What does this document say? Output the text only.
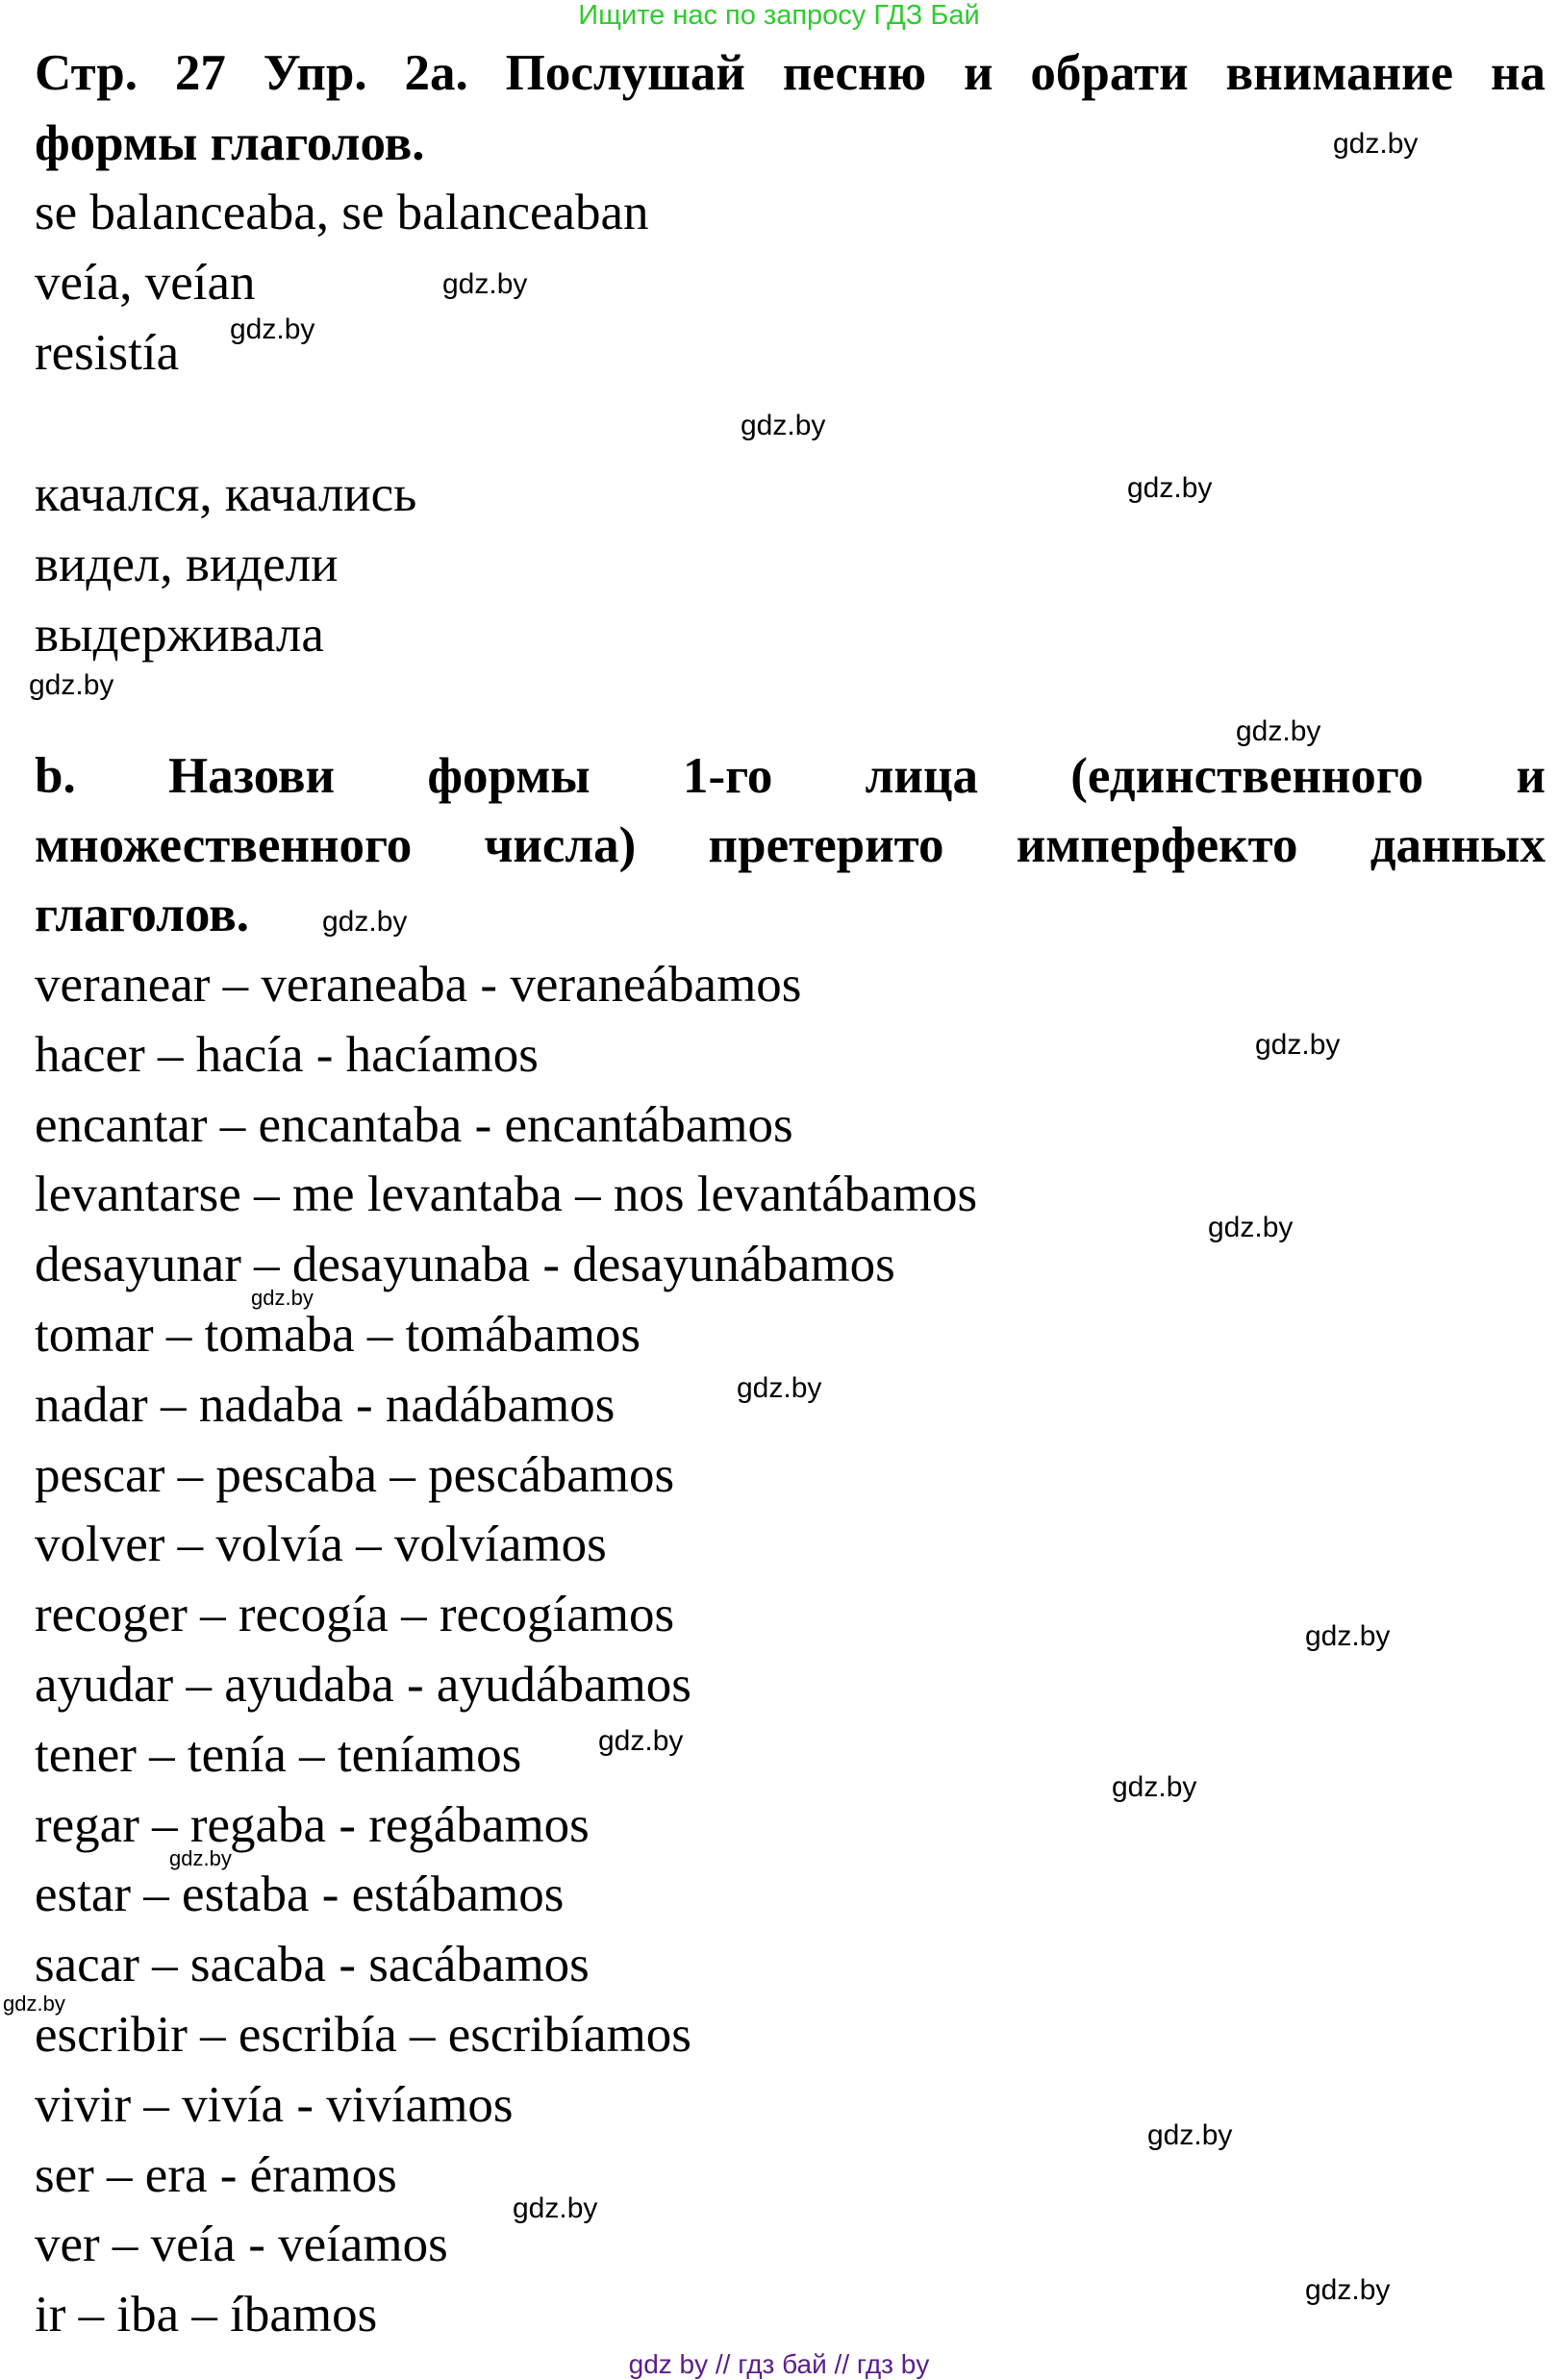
Ищите нас по запросу ГДЗ Бай
Стр. 27 Упр. 2а. Послушай песню и обрати внимание на
формы глаголов.
se balanceaba, se balanceaban
veía, veían
resistía
качался, качались
видел, видели
выдерживала
b. Назови формы 1-го лица (единственного и
множественного числа) претерито имперфекто данных
глаголов.
veranear – veraneaba - veraneábamos
hacer – hacía - hacíamos
encantar – encantaba - encantábamos
levantarse – me levantaba – nos levantábamos
desayunar – desayunaba - desayunábamos
tomar – tomaba – tomábamos
nadar – nadaba - nadábamos
pescar – pescaba – pescábamos
volver – volvía – volvíamos
recoger – recogía – recogíamos
ayudar – ayudaba - ayudábamos
tener – tenía – teníamos
regar – regaba - regábamos
estar – estaba - estábamos
sacar – sacaba - sacábamos
escribir – escribía – escribíamos
vivir – vivía - vivíamos
ser – era - éramos
ver – veía - veíamos
ir – iba – íbamos
gdz.by
gdz.by
gdz.by
gdz.by
gdz.by
gdz.by
gdz.by
gdz.by
gdz.by
gdz.by
gdz.by
gdz.by
gdz.by
gdz.by
gdz.by
gdz.by
gdz.by
gdz.by
gdz.by
gdz.by
gdz by // гдз бай // гдз by
